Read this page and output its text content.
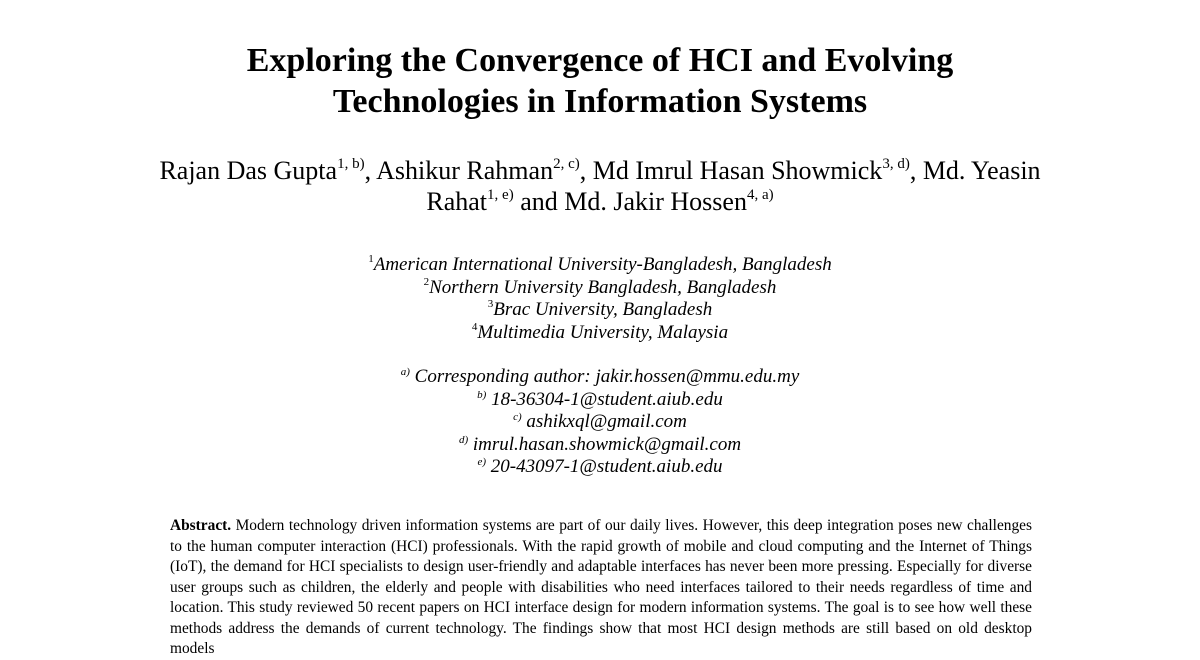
Exploring the Convergence of HCI and Evolving
Technologies in Information Systems
Rajan Das Gupta$^{1, b)}$, Ashikur Rahman$^{2, c)}$, Md Imrul Hasan Showmick$^{3, d)}$, Md. Yeasin
Rahat$^{1, e)}$ and Md. Jakir Hossen$^{4, a)}$
$^1$American International University-Bangladesh, Bangladesh
$^2$Northern University Bangladesh, Bangladesh
$^3$Brac University, Bangladesh
$^4$Multimedia University, Malaysia
$^{a)}$ Corresponding author: jakir.hossen@mmu.edu.my
$^{b)}$ 18-36304-1@student.aiub.edu
$^{c)}$ ashikxql@gmail.com
$^{d)}$ imrul.hasan.showmick@gmail.com
$^{e)}$ 20-43097-1@student.aiub.edu
Abstract. Modern technology driven information systems are part of our daily lives. However, this deep integration poses new challenges to the human computer interaction (HCI) professionals. With the rapid growth of mobile and cloud computing and the Internet of Things (IoT), the demand for HCI specialists to design user-friendly and adaptable interfaces has never been more pressing. Especially for diverse user groups such as children, the elderly and people with disabilities who need interfaces tailored to their needs regardless of time and location. This study reviewed 50 recent papers on HCI interface design for modern information systems. The goal is to see how well these methods address the demands of current technology. The findings show that most HCI design methods are still based on old desktop models
